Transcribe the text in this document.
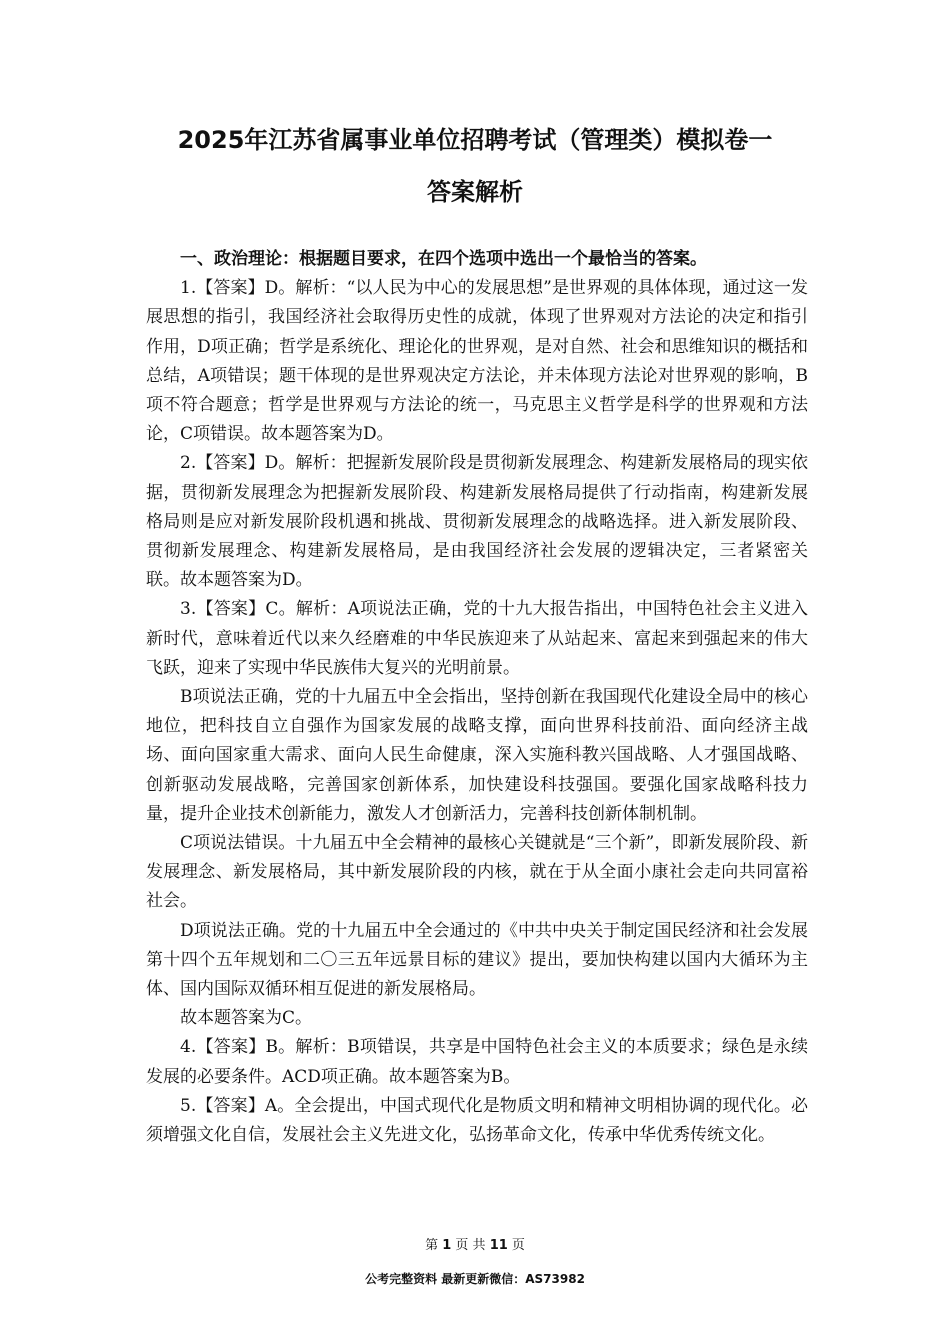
2025年江苏省属事业单位招聘考试（管理类）模拟卷一
答案解析

一、政治理论：根据题目要求，在四个选项中选出一个最恰当的答案。

1.【答案】D。解析：“以人民为中心的发展思想”是世界观的具体体现，通过这一发展思想的指引，我国经济社会取得历史性的成就，体现了世界观对方法论的决定和指引作用，D项正确；哲学是系统化、理论化的世界观，是对自然、社会和思维知识的概括和总结，A项错误；题干体现的是世界观决定方法论，并未体现方法论对世界观的影响，B项不符合题意；哲学是世界观与方法论的统一，马克思主义哲学是科学的世界观和方法论，C项错误。故本题答案为D。

2.【答案】D。解析：把握新发展阶段是贯彻新发展理念、构建新发展格局的现实依据，贯彻新发展理念为把握新发展阶段、构建新发展格局提供了行动指南，构建新发展格局则是应对新发展阶段机遇和挑战、贯彻新发展理念的战略选择。进入新发展阶段、贯彻新发展理念、构建新发展格局，是由我国经济社会发展的逻辑决定，三者紧密关联。故本题答案为D。

3.【答案】C。解析：A项说法正确，党的十九大报告指出，中国特色社会主义进入新时代，意味着近代以来久经磨难的中华民族迎来了从站起来、富起来到强起来的伟大飞跃，迎来了实现中华民族伟大复兴的光明前景。

B项说法正确，党的十九届五中全会指出，坚持创新在我国现代化建设全局中的核心地位，把科技自立自强作为国家发展的战略支撑，面向世界科技前沿、面向经济主战场、面向国家重大需求、面向人民生命健康，深入实施科教兴国战略、人才强国战略、创新驱动发展战略，完善国家创新体系，加快建设科技强国。要强化国家战略科技力量，提升企业技术创新能力，激发人才创新活力，完善科技创新体制机制。

C项说法错误。十九届五中全会精神的最核心关键就是“三个新”，即新发展阶段、新发展理念、新发展格局，其中新发展阶段的内核，就在于从全面小康社会走向共同富裕社会。

D项说法正确。党的十九届五中全会通过的《中共中央关于制定国民经济和社会发展第十四个五年规划和二〇三五年远景目标的建议》提出，要加快构建以国内大循环为主体、国内国际双循环相互促进的新发展格局。

故本题答案为C。

4.【答案】B。解析：B项错误，共享是中国特色社会主义的本质要求；绿色是永续发展的必要条件。ACD项正确。故本题答案为B。

5.【答案】A。全会提出，中国式现代化是物质文明和精神文明相协调的现代化。必须增强文化自信，发展社会主义先进文化，弘扬革命文化，传承中华优秀传统文化。

第 1 页 共 11 页
公考完整资料 最新更新微信：AS73982
